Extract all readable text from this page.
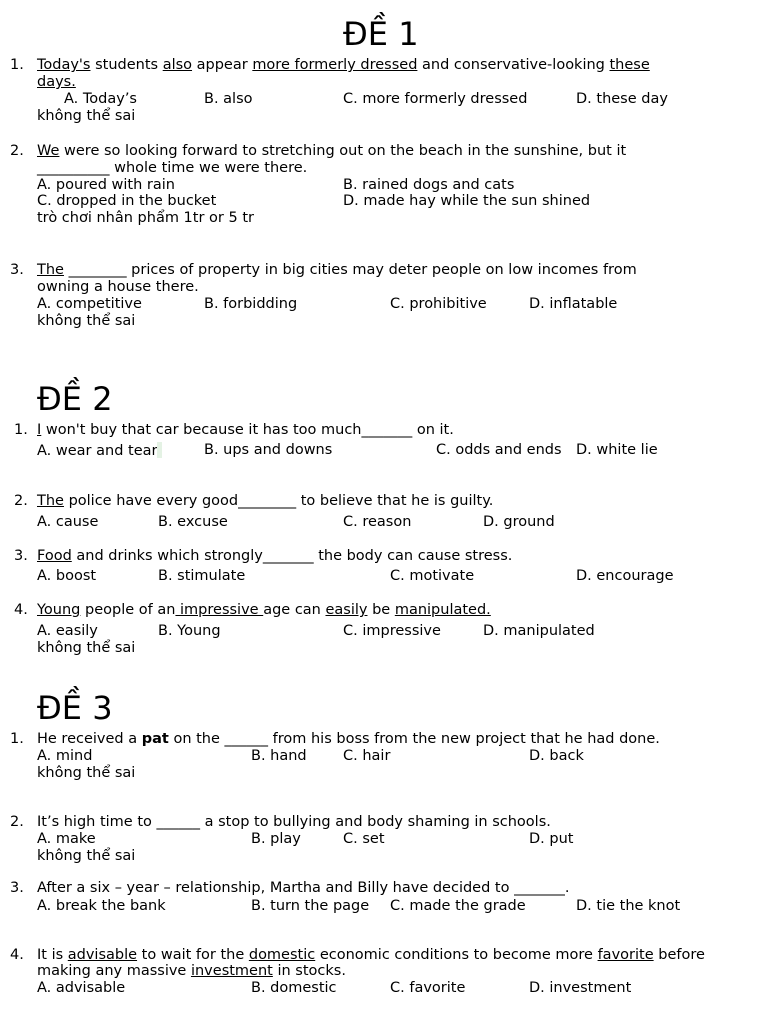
ĐỀ 1
1. Today's students also appear more formerly dressed and conservative-looking these
days.
A. Today’s	B. also	C. more formerly dressed	D. these day
không thể sai
2. We were so looking forward to stretching out on the beach in the sunshine, but it
__________ whole time we were there.
A. poured with rain	B. rained dogs and cats
C. dropped in the bucket	D. made hay while the sun shined
trò chơi nhân phẩm 1tr or 5 tr
3. The ________ prices of property in big cities may deter people on low incomes from
owning a house there.
A. competitive	B. forbidding	C. prohibitive	D. inflatable
không thể sai
ĐỀ 2
1. I won't buy that car because it has too much_______ on it.
A. wear and tear	B. ups and downs	C. odds and ends D. white lie
2. The police have every good________ to believe that he is guilty.
A. cause	B. excuse	C. reason	D. ground
3. Food and drinks which strongly_______ the body can cause stress.
A. boost	B. stimulate	C. motivate	D. encourage
4. Young people of an impressive age can easily be manipulated.
A. easily	B. Young	C. impressive	D. manipulated
không thể sai
ĐỀ 3
1. He received a pat on the ______ from his boss from the new project that he had done.
A. mind	B. hand	C. hair	D. back
không thể sai
2. It’s high time to ______ a stop to bullying and body shaming in schools.
A. make	B. play	C. set	D. put
không thể sai
3. After a six – year – relationship, Martha and Billy have decided to _______.
A. break the bank	B. turn the page C. made the grade	D. tie the knot
4. It is advisable to wait for the domestic economic conditions to become more favorite before
making any massive investment in stocks.
A. advisable	B. domestic	C. favorite	D. investment
